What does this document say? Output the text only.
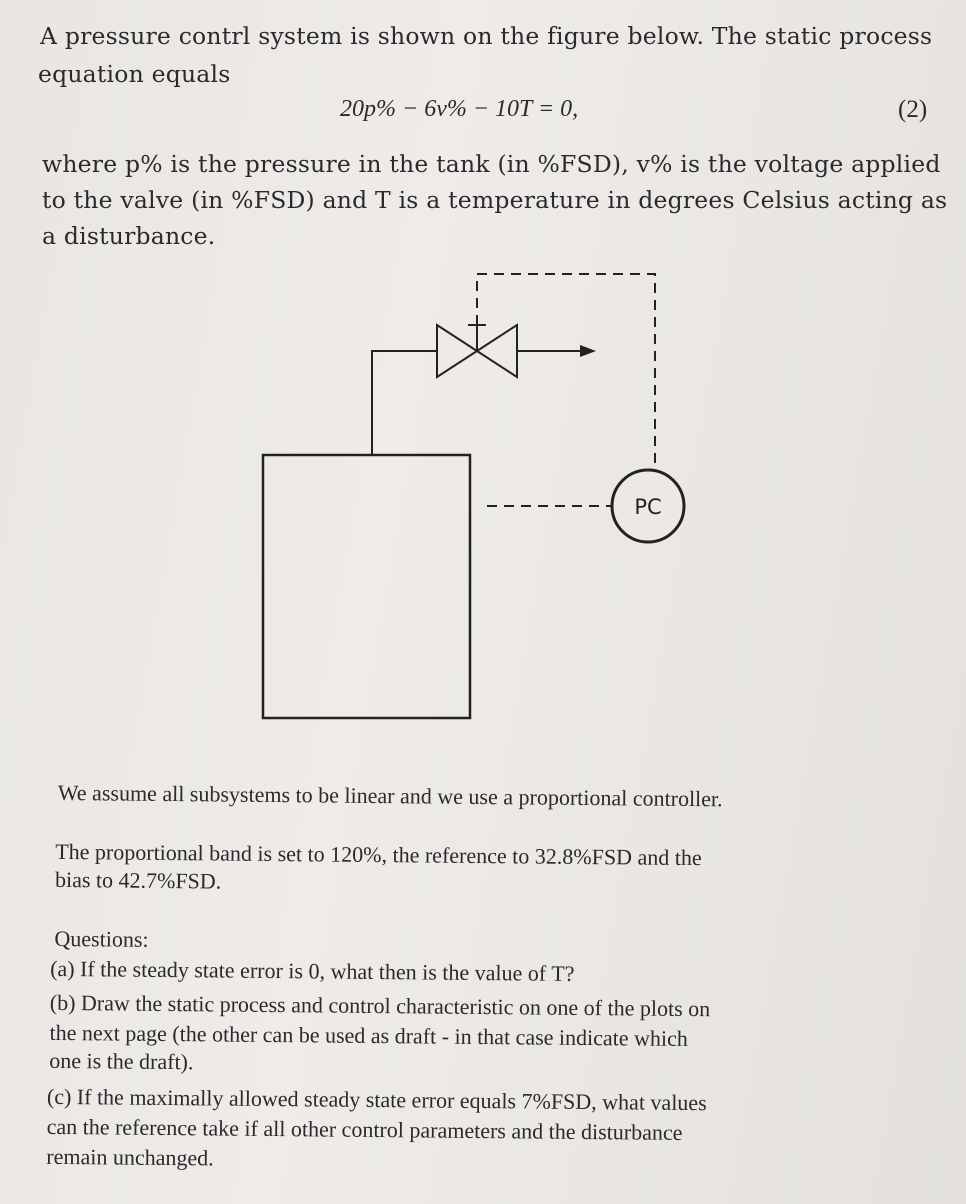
A pressure contrl system is shown on the figure below. The static process
equation equals
20p% − 6v% − 10T = 0,	(2)
where p% is the pressure in the tank (in %FSD), v% is the voltage applied
to the valve (in %FSD) and T is a temperature in degrees Celsius acting as
a disturbance.
PC
We assume all subsystems to be linear and we use a proportional controller.
The proportional band is set to 120%, the reference to 32.8%FSD and the
bias to 42.7%FSD.
Questions:
(a) If the steady state error is 0, what then is the value of T?
(b) Draw the static process and control characteristic on one of the plots on
the next page (the other can be used as draft - in that case indicate which
one is the draft).
(c) If the maximally allowed steady state error equals 7%FSD, what values
can the reference take if all other control parameters and the disturbance
remain unchanged.
